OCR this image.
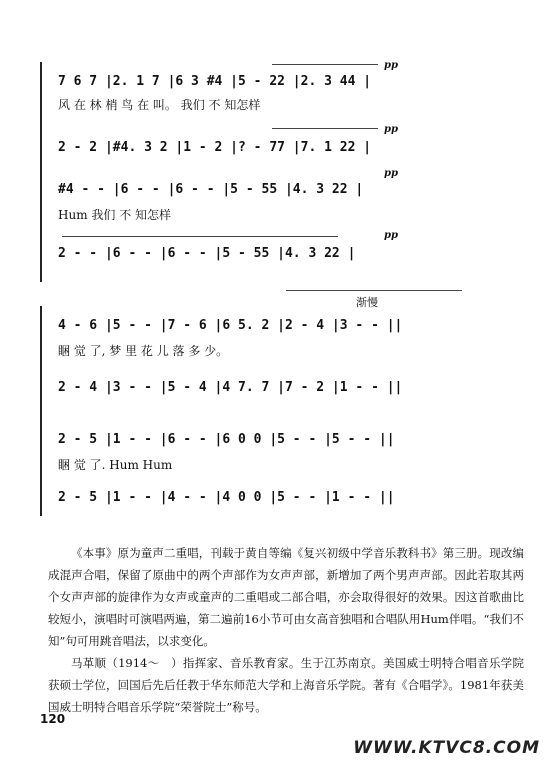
pp
7 6 7 |2. 1 7 |6 3 #4 |5 - 22 |2. 3 44 |
风 在 林 梢 鸟 在 叫。 我们 不 知怎样
pp
2 - 2 |#4. 3 2 |1 - 2 |? - 77 |7. 1 22 |
pp
#4 - - |6 - - |6 - - |5 - 55 |4. 3 22 |
Hum 我们 不 知怎样
pp
2 - - |6 - - |6 - - |5 - 55 |4. 3 22 |
渐慢
4 - 6 |5 - - |7 - 6 |6 5. 2 |2 - 4 |3 - - ||
睏 觉 了, 梦 里 花 儿 落 多 少。
2 - 4 |3 - - |5 - 4 |4 7. 7 |7 - 2 |1 - - ||
2 - 5 |1 - - |6 - - |6 0 0 |5 - - |5 - - ||
睏 觉 了. Hum Hum
2 - 5 |1 - - |4 - - |4 0 0 |5 - - |1 - - ||
《本事》原为童声二重唱，刊载于黄自等编《复兴初级中学音乐教科书》第三册。现改编成混声合唱，保留了原曲中的两个声部作为女声声部，新增加了两个男声声部。因此若取其两个女声声部的旋律作为女声或童声的二重唱或二部合唱，亦会取得很好的效果。因这首歌曲比较短小，演唱时可演唱两遍，第二遍前16小节可由女高音独唱和合唱队用Hum伴唱。“我们不知”句可用跳音唱法，以求变化。
马革顺（1914～　）指挥家、音乐教育家。生于江苏南京。美国威士明特合唱音乐学院获硕士学位，回国后先后任教于华东师范大学和上海音乐学院。著有《合唱学》。1981年获美国威士明特合唱音乐学院“荣誉院士”称号。
120
WWW.KTVC8.COM
